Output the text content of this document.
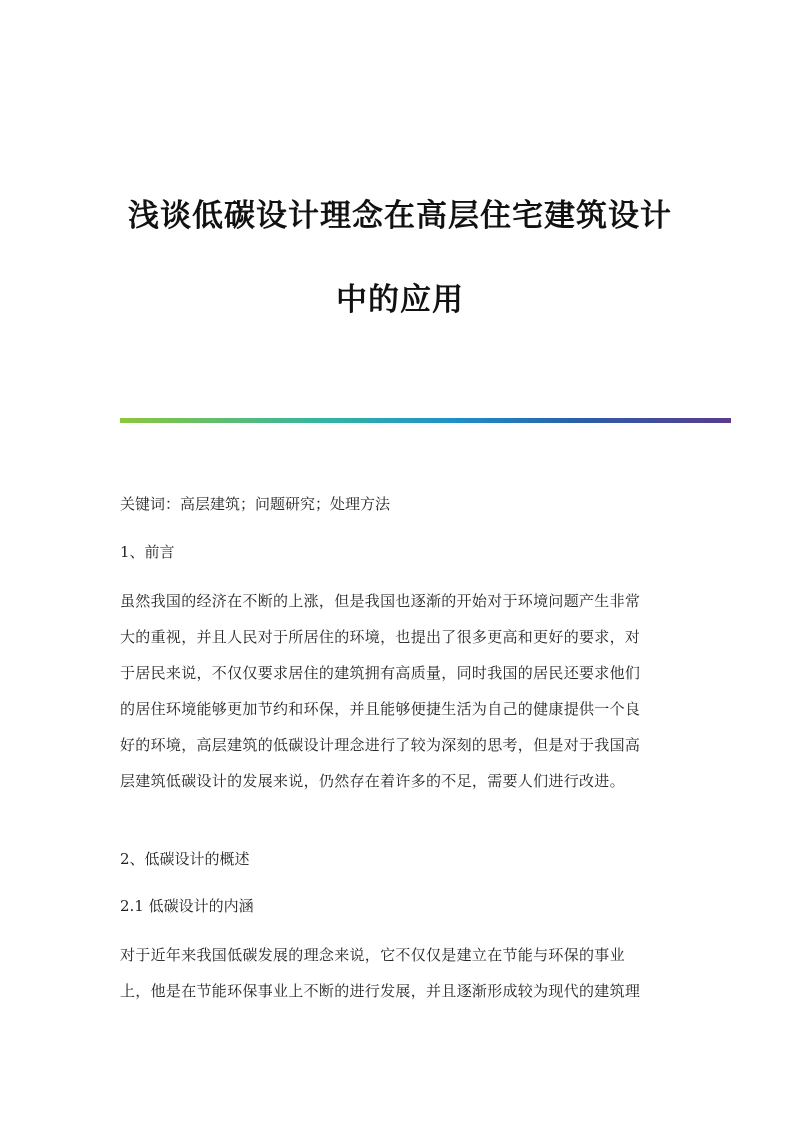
浅谈低碳设计理念在高层住宅建筑设计
中的应用
关键词：高层建筑；问题研究；处理方法
1、前言
虽然我国的经济在不断的上涨，但是我国也逐渐的开始对于环境问题产生非常
大的重视，并且人民对于所居住的环境，也提出了很多更高和更好的要求，对
于居民来说，不仅仅要求居住的建筑拥有高质量，同时我国的居民还要求他们
的居住环境能够更加节约和环保，并且能够便捷生活为自己的健康提供一个良
好的环境，高层建筑的低碳设计理念进行了较为深刻的思考，但是对于我国高
层建筑低碳设计的发展来说，仍然存在着许多的不足，需要人们进行改进。
2、低碳设计的概述
2.1 低碳设计的内涵
对于近年来我国低碳发展的理念来说，它不仅仅是建立在节能与环保的事业
上，他是在节能环保事业上不断的进行发展，并且逐渐形成较为现代的建筑理
